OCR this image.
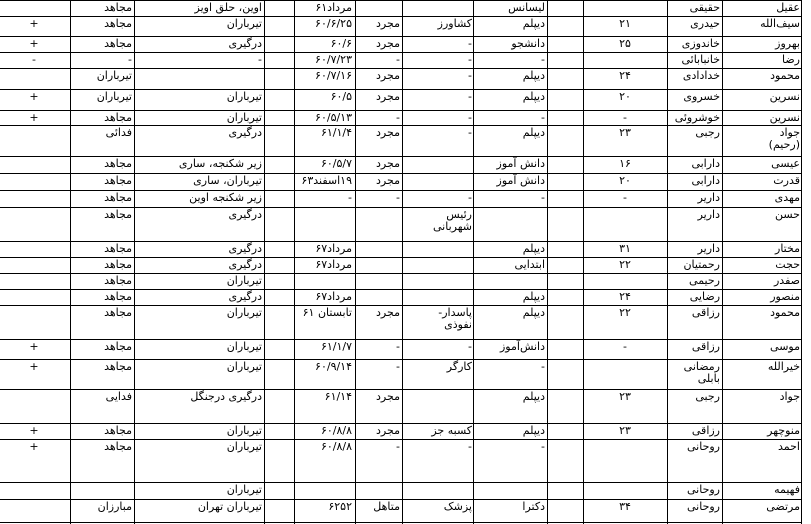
عقیل
حقیقی
لیسانس
مرداد۶۱
اوین، حلق اویز
مجاهد
سیف‌الله
حیدری
۲۱
دیپلم
کشاورز
مجرد
۶۰/۶/۲۵
تیرباران
مجاهد
+
بهروز
خاندوزی
۲۵
دانشجو
-
مجرد
۶۰/۶
درگیری
مجاهد
+
رضا
خانبابائی
-
-
-
۶۰/۷/۲۳
-
-
-
محمود
خدادادی
۲۴
دیپلم
-
مجرد
۶۰/۷/۱۶
تیرباران
نسرین
خسروی
۲۰
دیپلم
-
مجرد
۶۰/۵
تیرباران
تیرباران
+
نسرین
خوشروئی
-
-
-
-
۶۰/۵/۱۳
تیرباران
مجاهد
+
جواد
(رحیم)
رجبی
۲۳
دیپلم
-
مجرد
۶۱/۱/۴
درگیری
فدائی
عیسی
دارابی
۱۶
دانش آموز
مجرد
۶۰/۵/۷
زیر شکنجه، ساری
مجاهد
قدرت
دارابی
۲۰
دانش آموز
مجرد
۱۹اسفند۶۳
تیرباران، ساری
مجاهد
مهدی
داریر
-
-
-
-
-
زیر شکنجه اوین
مجاهد
حسن
داریر
رئیس
شهربانی
درگیری
مجاهد
مختار
داریر
۳۱
دیپلم
مرداد۶۷
درگیری
مجاهد
حجت
رحمتیان
۲۲
ابتدایی
مرداد۶۷
درگیری
مجاهد
صفدر
رحیمی
تیرباران
مجاهد
منصور
رضایی
۲۴
دیپلم
مرداد۶۷
درگیری
مجاهد
محمود
رزاقی
۲۲
دیپلم
پاسدار-
نفوذی
مجرد
تابستان ۶۱
تیرباران
مجاهد
موسی
رزاقی
-
دانش‌آموز
-
-
۶۱/۱/۷
تیرباران
مجاهد
+
خیرالله
رمضانی
بابلی
-
کارگر
-
۶۰/۹/۱۴
تیرباران
مجاهد
+
جواد
رجبی
۲۳
دیپلم
مجرد
۶۱/۱۴
درگیری درجنگل
فدایی
منوچهر
رزاقی
۲۳
دیپلم
کسبه جز
مجرد
۶۰/۸/۸
تیرباران
مجاهد
+
احمد
روحانی
-
-
-
۶۰/۸/۸
تیرباران
مجاهد
+
فهیمه
روحانی
تیرباران
مرتضی
روحانی
۳۴
دکترا
پزشک
متاهل
۶۲۵۲
تیرباران تهران
مبارزان
